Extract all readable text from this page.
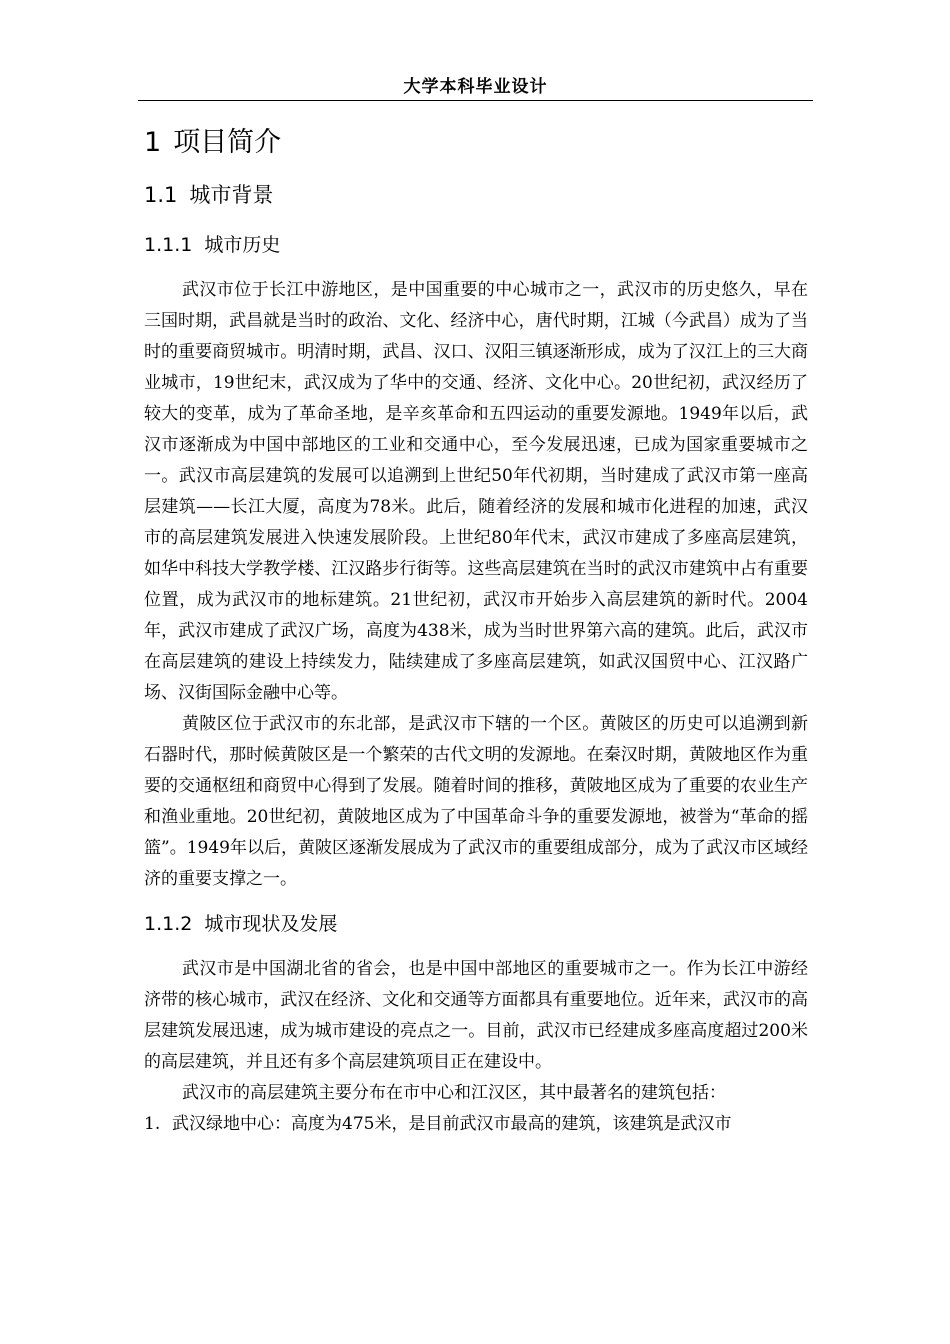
大学本科毕业设计
1 项目简介
1.1 城市背景
1.1.1 城市历史

武汉市位于长江中游地区，是中国重要的中心城市之一，武汉市的历史悠久，早在三国时期，武昌就是当时的政治、文化、经济中心，唐代时期，江城（今武昌）成为了当时的重要商贸城市。明清时期，武昌、汉口、汉阳三镇逐渐形成，成为了汉江上的三大商业城市，19世纪末，武汉成为了华中的交通、经济、文化中心。20世纪初，武汉经历了较大的变革，成为了革命圣地，是辛亥革命和五四运动的重要发源地。1949年以后，武汉市逐渐成为中国中部地区的工业和交通中心，至今发展迅速，已成为国家重要城市之一。武汉市高层建筑的发展可以追溯到上世纪50年代初期，当时建成了武汉市第一座高层建筑——长江大厦，高度为78米。此后，随着经济的发展和城市化进程的加速，武汉市的高层建筑发展进入快速发展阶段。上世纪80年代末，武汉市建成了多座高层建筑，如华中科技大学教学楼、江汉路步行街等。这些高层建筑在当时的武汉市建筑中占有重要位置，成为武汉市的地标建筑。21世纪初，武汉市开始步入高层建筑的新时代。2004年，武汉市建成了武汉广场，高度为438米，成为当时世界第六高的建筑。此后，武汉市在高层建筑的建设上持续发力，陆续建成了多座高层建筑，如武汉国贸中心、江汉路广场、汉街国际金融中心等。

黄陂区位于武汉市的东北部，是武汉市下辖的一个区。黄陂区的历史可以追溯到新石器时代，那时候黄陂区是一个繁荣的古代文明的发源地。在秦汉时期，黄陂地区作为重要的交通枢纽和商贸中心得到了发展。随着时间的推移，黄陂地区成为了重要的农业生产和渔业重地。20世纪初，黄陂地区成为了中国革命斗争的重要发源地，被誉为“革命的摇篮”。1949年以后，黄陂区逐渐发展成为了武汉市的重要组成部分，成为了武汉市区域经济的重要支撑之一。

1.1.2 城市现状及发展

武汉市是中国湖北省的省会，也是中国中部地区的重要城市之一。作为长江中游经济带的核心城市，武汉在经济、文化和交通等方面都具有重要地位。近年来，武汉市的高层建筑发展迅速，成为城市建设的亮点之一。目前，武汉市已经建成多座高度超过200米的高层建筑，并且还有多个高层建筑项目正在建设中。

武汉市的高层建筑主要分布在市中心和江汉区，其中最著名的建筑包括：

1. 武汉绿地中心：高度为475米，是目前武汉市最高的建筑，该建筑是武汉市
